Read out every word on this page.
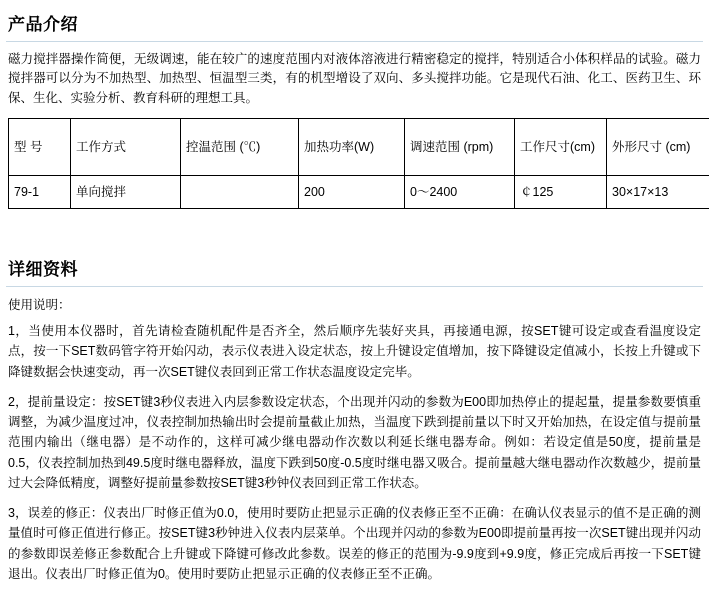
产品介绍
磁力搅拌器操作简便，无级调速，能在较广的速度范围内对液体溶液进行精密稳定的搅拌，特别适合小体积样品的试验。磁力搅拌器可以分为不加热型、加热型、恒温型三类，有的机型增设了双向、多头搅拌功能。它是现代石油、化工、医药卫生、环保、生化、实验分析、教育科研的理想工具。
型 号	工作方式	控温范围 (℃)	加热功率(W)	调速范围 (rpm)	工作尺寸(cm)	外形尺寸 (cm)
79-1	单向搅拌		200	0～2400	￠125	30×17×13
详细资料
使用说明：
1，当使用本仪器时，首先请检查随机配件是否齐全，然后顺序先装好夹具，再接通电源，按SET键可设定或查看温度设定点，按一下SET数码管字符开始闪动，表示仪表进入设定状态，按上升键设定值增加，按下降键设定值减小，长按上升键或下降键数据会快速变动，再一次SET键仪表回到正常工作状态温度设定完毕。
2，提前量设定：按SET键3秒仪表进入内层参数设定状态，个出现并闪动的参数为E00即加热停止的提起量，提量参数要慎重调整，为减少温度过冲，仪表控制加热输出时会提前量截止加热，当温度下跌到提前量以下时又开始加热，在设定值与提前量范围内输出（继电器）是不动作的，这样可减少继电器动作次数以利延长继电器寿命。例如：若设定值是50度，提前量是0.5，仪表控制加热到49.5度时继电器释放，温度下跌到50度-0.5度时继电器又吸合。提前量越大继电器动作次数越少，提前量过大会降低精度，调整好提前量参数按SET键3秒钟仪表回到正常工作状态。
3，误差的修正：仪表出厂时修正值为0.0，使用时要防止把显示正确的仪表修正至不正确：在确认仪表显示的值不是正确的测量值时可修正值进行修正。按SET键3秒钟进入仪表内层菜单。个出现并闪动的参数为E00即提前量再按一次SET键出现并闪动的参数即误差修正参数配合上升键或下降键可修改此参数。误差的修正的范围为-9.9度到+9.9度，修正完成后再按一下SET键退出。仪表出厂时修正值为0。使用时要防止把显示正确的仪表修正至不正确。
